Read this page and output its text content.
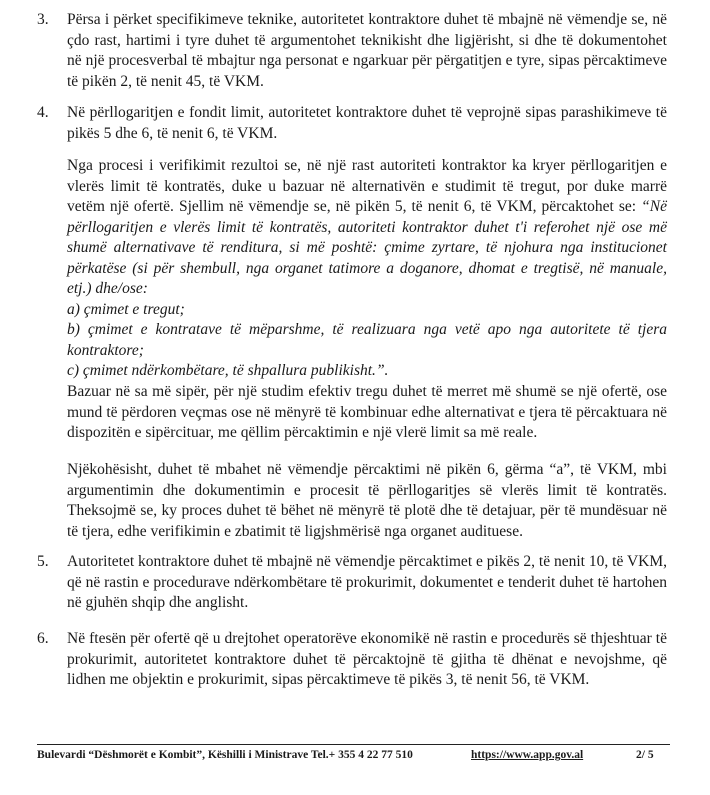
3. Përsa i përket specifikimeve teknike, autoritetet kontraktore duhet të mbajnë në vëmendje se, në çdo rast, hartimi i tyre duhet të argumentohet teknikisht dhe ligjërisht, si dhe të dokumentohet në një procesverbal të mbajtur nga personat e ngarkuar për përgatitjen e tyre, sipas përcaktimeve të pikën 2, të nenit 45, të VKM.
4. Në përllogaritjen e fondit limit, autoritetet kontraktore duhet të veprojnë sipas parashikimeve të pikës 5 dhe 6, të nenit 6, të VKM.
Nga procesi i verifikimit rezultoi se, në një rast autoriteti kontraktor ka kryer përllogaritjen e vlerës limit të kontratës, duke u bazuar në alternativën e studimit të tregut, por duke marrë vetëm një ofertë. Sjellim në vëmendje se, në pikën 5, të nenit 6, të VKM, përcaktohet se: “Në përllogaritjen e vlerës limit të kontratës, autoriteti kontraktor duhet t'i referohet një ose më shumë alternativave të renditura, si më poshtë: çmime zyrtare, të njohura nga institucionet përkatëse (si për shembull, nga organet tatimore a doganore, dhomat e tregtisë, në manuale, etj.) dhe/ose:
a) çmimet e tregut;
b) çmimet e kontratave të mëparshme, të realizuara nga vetë apo nga autoritete të tjera kontraktore;
c) çmimet ndërkombëtare, të shpallura publikisht.”.
Bazuar në sa më sipër, për një studim efektiv tregu duhet të merret më shumë se një ofertë, ose mund të përdoren veçmas ose në mënyrë të kombinuar edhe alternativat e tjera të përcaktuara në dispozitën e sipërcituar, me qëllim përcaktimin e një vlerë limit sa më reale.
Njëkohësisht, duhet të mbahet në vëmendje përcaktimi në pikën 6, gërma “a”, të VKM, mbi argumentimin dhe dokumentimin e procesit të përllogaritjes së vlerës limit të kontratës. Theksojmë se, ky proces duhet të bëhet në mënyrë të plotë dhe të detajuar, për të mundësuar në të tjera, edhe verifikimin e zbatimit të ligjshmërisë nga organet audituese.
5. Autoritetet kontraktore duhet të mbajnë në vëmendje përcaktimet e pikës 2, të nenit 10, të VKM, që në rastin e procedurave ndërkombëtare të prokurimit, dokumentet e tenderit duhet të hartohen në gjuhën shqip dhe anglisht.
6. Në ftesën për ofertë që u drejtohet operatorëve ekonomikë në rastin e procedurës së thjeshtuar të prokurimit, autoritetet kontraktore duhet të përcaktojnë të gjitha të dhënat e nevojshme, që lidhen me objektin e prokurimit, sipas përcaktimeve të pikës 3, të nenit 56, të VKM.
Bulevardi “Dëshmorët e Kombit”, Këshilli i Ministrave Tel.+ 355 4 22 77 510	https://www.app.gov.al	2/ 5
